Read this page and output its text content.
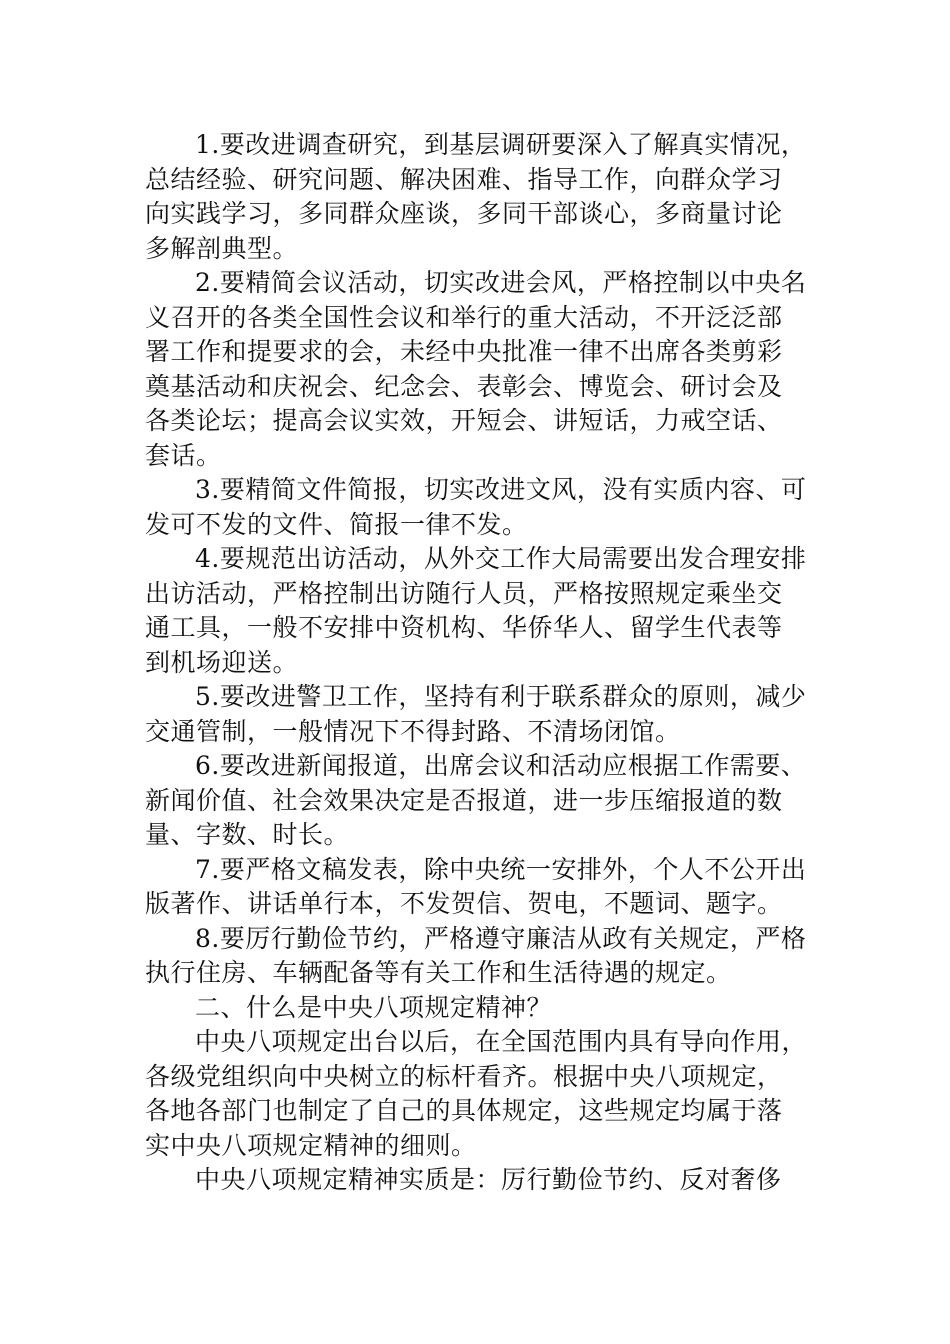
1.要改进调查研究，到基层调研要深入了解真实情况，
总结经验、研究问题、解决困难、指导工作，向群众学习
向实践学习，多同群众座谈，多同干部谈心，多商量讨论
多解剖典型。

2.要精简会议活动，切实改进会风，严格控制以中央名
义召开的各类全国性会议和举行的重大活动，不开泛泛部
署工作和提要求的会，未经中央批准一律不出席各类剪彩
奠基活动和庆祝会、纪念会、表彰会、博览会、研讨会及
各类论坛；提高会议实效，开短会、讲短话，力戒空话、
套话。

3.要精简文件简报，切实改进文风，没有实质内容、可
发可不发的文件、简报一律不发。

4.要规范出访活动，从外交工作大局需要出发合理安排
出访活动，严格控制出访随行人员，严格按照规定乘坐交
通工具，一般不安排中资机构、华侨华人、留学生代表等
到机场迎送。

5.要改进警卫工作，坚持有利于联系群众的原则，减少
交通管制，一般情况下不得封路、不清场闭馆。

6.要改进新闻报道，出席会议和活动应根据工作需要、
新闻价值、社会效果决定是否报道，进一步压缩报道的数
量、字数、时长。

7.要严格文稿发表，除中央统一安排外，个人不公开出
版著作、讲话单行本，不发贺信、贺电，不题词、题字。

8.要厉行勤俭节约，严格遵守廉洁从政有关规定，严格
执行住房、车辆配备等有关工作和生活待遇的规定。

二、什么是中央八项规定精神？

中央八项规定出台以后，在全国范围内具有导向作用，
各级党组织向中央树立的标杆看齐。根据中央八项规定，
各地各部门也制定了自己的具体规定，这些规定均属于落
实中央八项规定精神的细则。

中央八项规定精神实质是：厉行勤俭节约、反对奢侈
